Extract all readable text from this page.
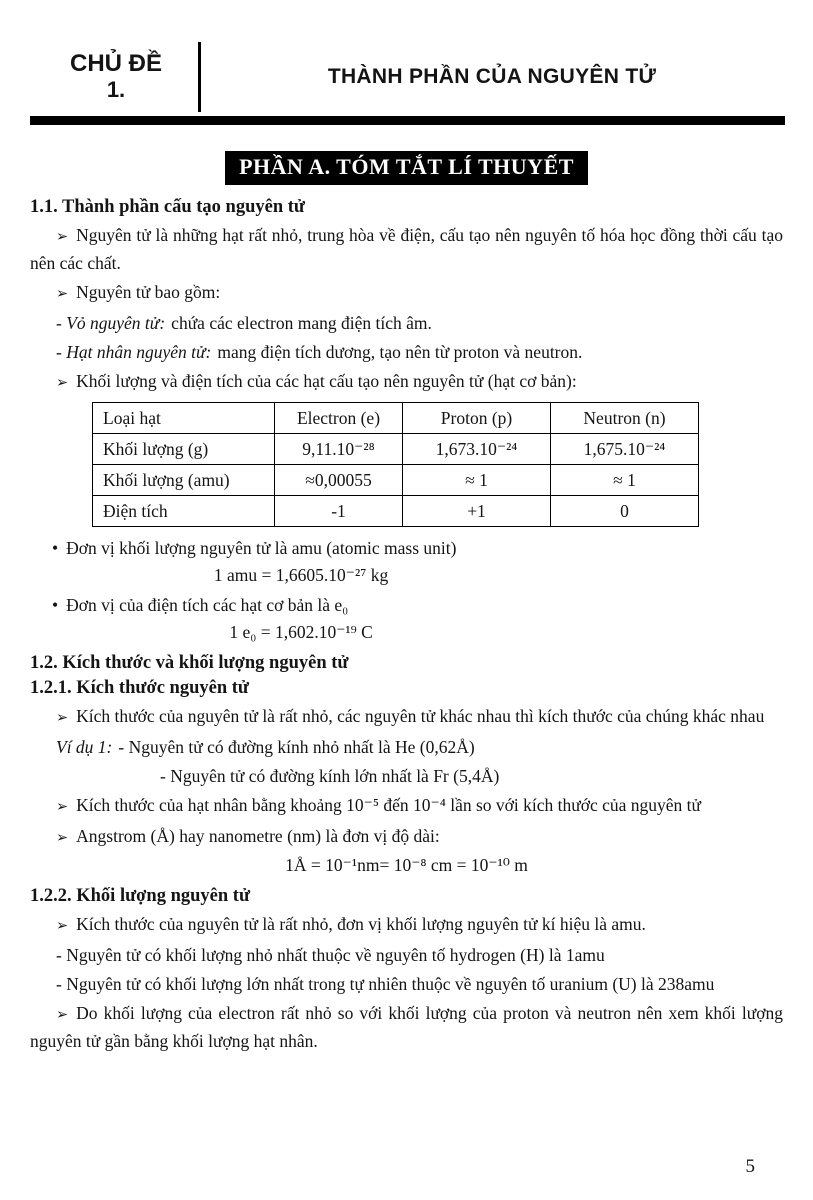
CHỦ ĐỀ
1.
THÀNH PHẦN CỦA NGUYÊN TỬ
PHẦN A. TÓM TẮT LÍ THUYẾT
1.1. Thành phần cấu tạo nguyên tử

➢ Nguyên tử là những hạt rất nhỏ, trung hòa về điện, cấu tạo nên nguyên tố hóa học đồng thời cấu tạo nên các chất.

➢ Nguyên tử bao gồm:

- Vỏ nguyên tử: chứa các electron mang điện tích âm.

- Hạt nhân nguyên tử: mang điện tích dương, tạo nên từ proton và neutron.

➢ Khối lượng và điện tích của các hạt cấu tạo nên nguyên tử (hạt cơ bản):

Loại hạt	Electron (e)	Proton (p)	Neutron (n)
Khối lượng (g)	9,11.10⁻²⁸	1,673.10⁻²⁴	1,675.10⁻²⁴
Khối lượng (amu)	≈0,00055	≈ 1	≈ 1
Điện tích	-1	+1	0

• Đơn vị khối lượng nguyên tử là amu (atomic mass unit)

1 amu = 1,6605.10⁻²⁷ kg

• Đơn vị của điện tích các hạt cơ bản là e₀

1 e₀ = 1,602.10⁻¹⁹ C
1.2. Kích thước và khối lượng nguyên tử
1.2.1. Kích thước nguyên tử

➢ Kích thước của nguyên tử là rất nhỏ, các nguyên tử khác nhau thì kích thước của chúng khác nhau

Ví dụ 1: - Nguyên tử có đường kính nhỏ nhất là He (0,62Å)

- Nguyên tử có đường kính lớn nhất là Fr (5,4Å)

➢ Kích thước của hạt nhân bằng khoảng 10⁻⁵ đến 10⁻⁴ lần so với kích thước của nguyên tử

➢ Angstrom (Å) hay nanometre (nm) là đơn vị độ dài:

1Å = 10⁻¹nm= 10⁻⁸ cm = 10⁻¹⁰ m
1.2.2. Khối lượng nguyên tử

➢ Kích thước của nguyên tử là rất nhỏ, đơn vị khối lượng nguyên tử kí hiệu là amu.

- Nguyên tử có khối lượng nhỏ nhất thuộc về nguyên tố hydrogen (H) là 1amu

- Nguyên tử có khối lượng lớn nhất trong tự nhiên thuộc về nguyên tố uranium (U) là 238amu

➢ Do khối lượng của electron rất nhỏ so với khối lượng của proton và neutron nên xem khối lượng nguyên tử gần bằng khối lượng hạt nhân.

5
